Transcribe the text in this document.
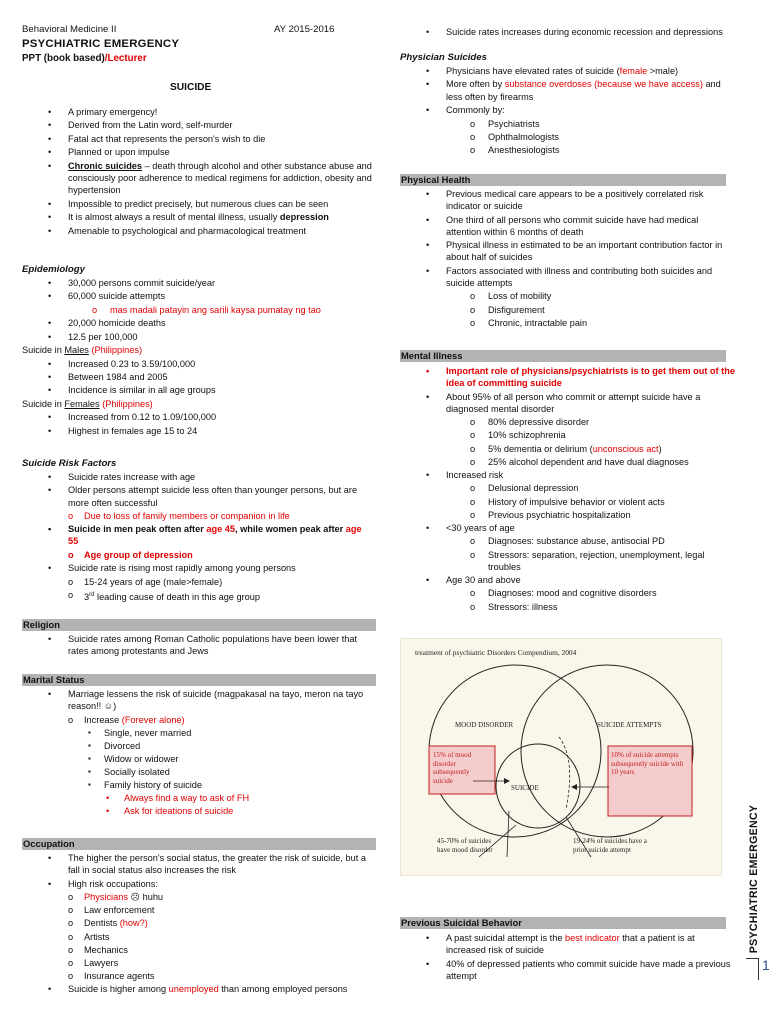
Behavioral Medicine II	AY 2015-2016
PSYCHIATRIC EMERGENCY
PPT (book based)/Lecturer
SUICIDE
• A primary emergency!
• Derived from the Latin word, self-murder
• Fatal act that represents the person's wish to die
• Planned or upon impulse
• Chronic suicides – death through alcohol and other substance abuse and consciously poor adherence to medical regimens for addiction, obesity and hypertension
• Impossible to predict precisely, but numerous clues can be seen
• It is almost always a result of mental illness, usually depression
• Amenable to psychological and pharmacological treatment
Epidemiology
• 30,000 persons commit suicide/year
• 60,000 suicide attempts
o mas madali patayin ang sarili kaysa pumatay ng tao
• 20,000 homicide deaths
• 12.5 per 100,000
Suicide in Males (Philippines)
• Increased 0.23 to 3.59/100,000
• Between 1984 and 2005
• Incidence is similar in all age groups
Suicide in Females (Philippines)
• Increased from 0.12 to 1.09/100,000
• Highest in females age 15 to 24
Suicide Risk Factors
• Suicide rates increase with age
• Older persons attempt suicide less often than younger persons, but are more often successful
o Due to loss of family members or companion in life
• Suicide in men peak often after age 45, while women peak after age 55
o Age group of depression
• Suicide rate is rising most rapidly among young persons
o 15-24 years of age (male>female)
o 3rd leading cause of death in this age group
Religion
• Suicide rates among Roman Catholic populations have been lower that rates among protestants and Jews
Marital Status
• Marriage lessens the risk of suicide (magpakasal na tayo, meron na tayo reason!! ☺)
o Increase (Forever alone)
▪ Single, never married
▪ Divorced
▪ Widow or widower
▪ Socially isolated
▪ Family history of suicide
• Always find a way to ask of FH
• Ask for ideations of suicide
Occupation
• The higher the person's social status, the greater the risk of suicide, but a fall in social status also increases the risk
• High risk occupations:
o Physicians ☹ huhu
o Law enforcement
o Dentists (how?)
o Artists
o Mechanics
o Lawyers
o Insurance agents
• Suicide is higher among unemployed than among employed persons
• Suicide rates increases during economic recession and depressions
Physician Suicides
• Physicians have elevated rates of suicide (female >male)
• More often by substance overdoses (because we have access) and less often by firearms
• Commonly by:
o Psychiatrists
o Ophthalmologists
o Anesthesiologists
Physical Health
• Previous medical care appears to be a positively correlated risk indicator or suicide
• One third of all persons who commit suicide have had medical attention within 6 months of death
• Physical illness in estimated to be an important contribution factor in about half of suicides
• Factors associated with illness and contributing both suicides and suicide attempts
o Loss of mobility
o Disfigurement
o Chronic, intractable pain
Mental Illness
• Important role of physicians/psychiatrists is to get them out of the idea of committing suicide
• About 95% of all person who commit or attempt suicide have a diagnosed mental disorder
o 80% depressive disorder
o 10% schizophrenia
o 5% dementia or delirium (unconscious act)
o 25% alcohol dependent and have dual diagnoses
• Increased risk
o Delusional depression
o History of impulsive behavior or violent acts
o Previous psychiatric hospitalization
• <30 years of age
o Diagnoses: substance abuse, antisocial PD
o Stressors: separation, rejection, unemployment, legal troubles
• Age 30 and above
o Diagnoses: mood and cognitive disorders
o Stressors: illness
treatment of psychiatric Disorders Compendium, 2004
MOOD DISORDER	SUICIDE ATTEMPTS
SUICIDE
15% of mood disorder subsequently suicide
10% of suicide attempts subsequently suicide with 10 years
45-70% of suicides have mood disorder
19-24% of suicides have a prior suicide attempt
Previous Suicidal Behavior
• A past suicidal attempt is the best indicator that a patient is at increased risk of suicide
• 40% of depressed patients who commit suicide have made a previous attempt
PSYCHIATRIC EMERGENCY
1
